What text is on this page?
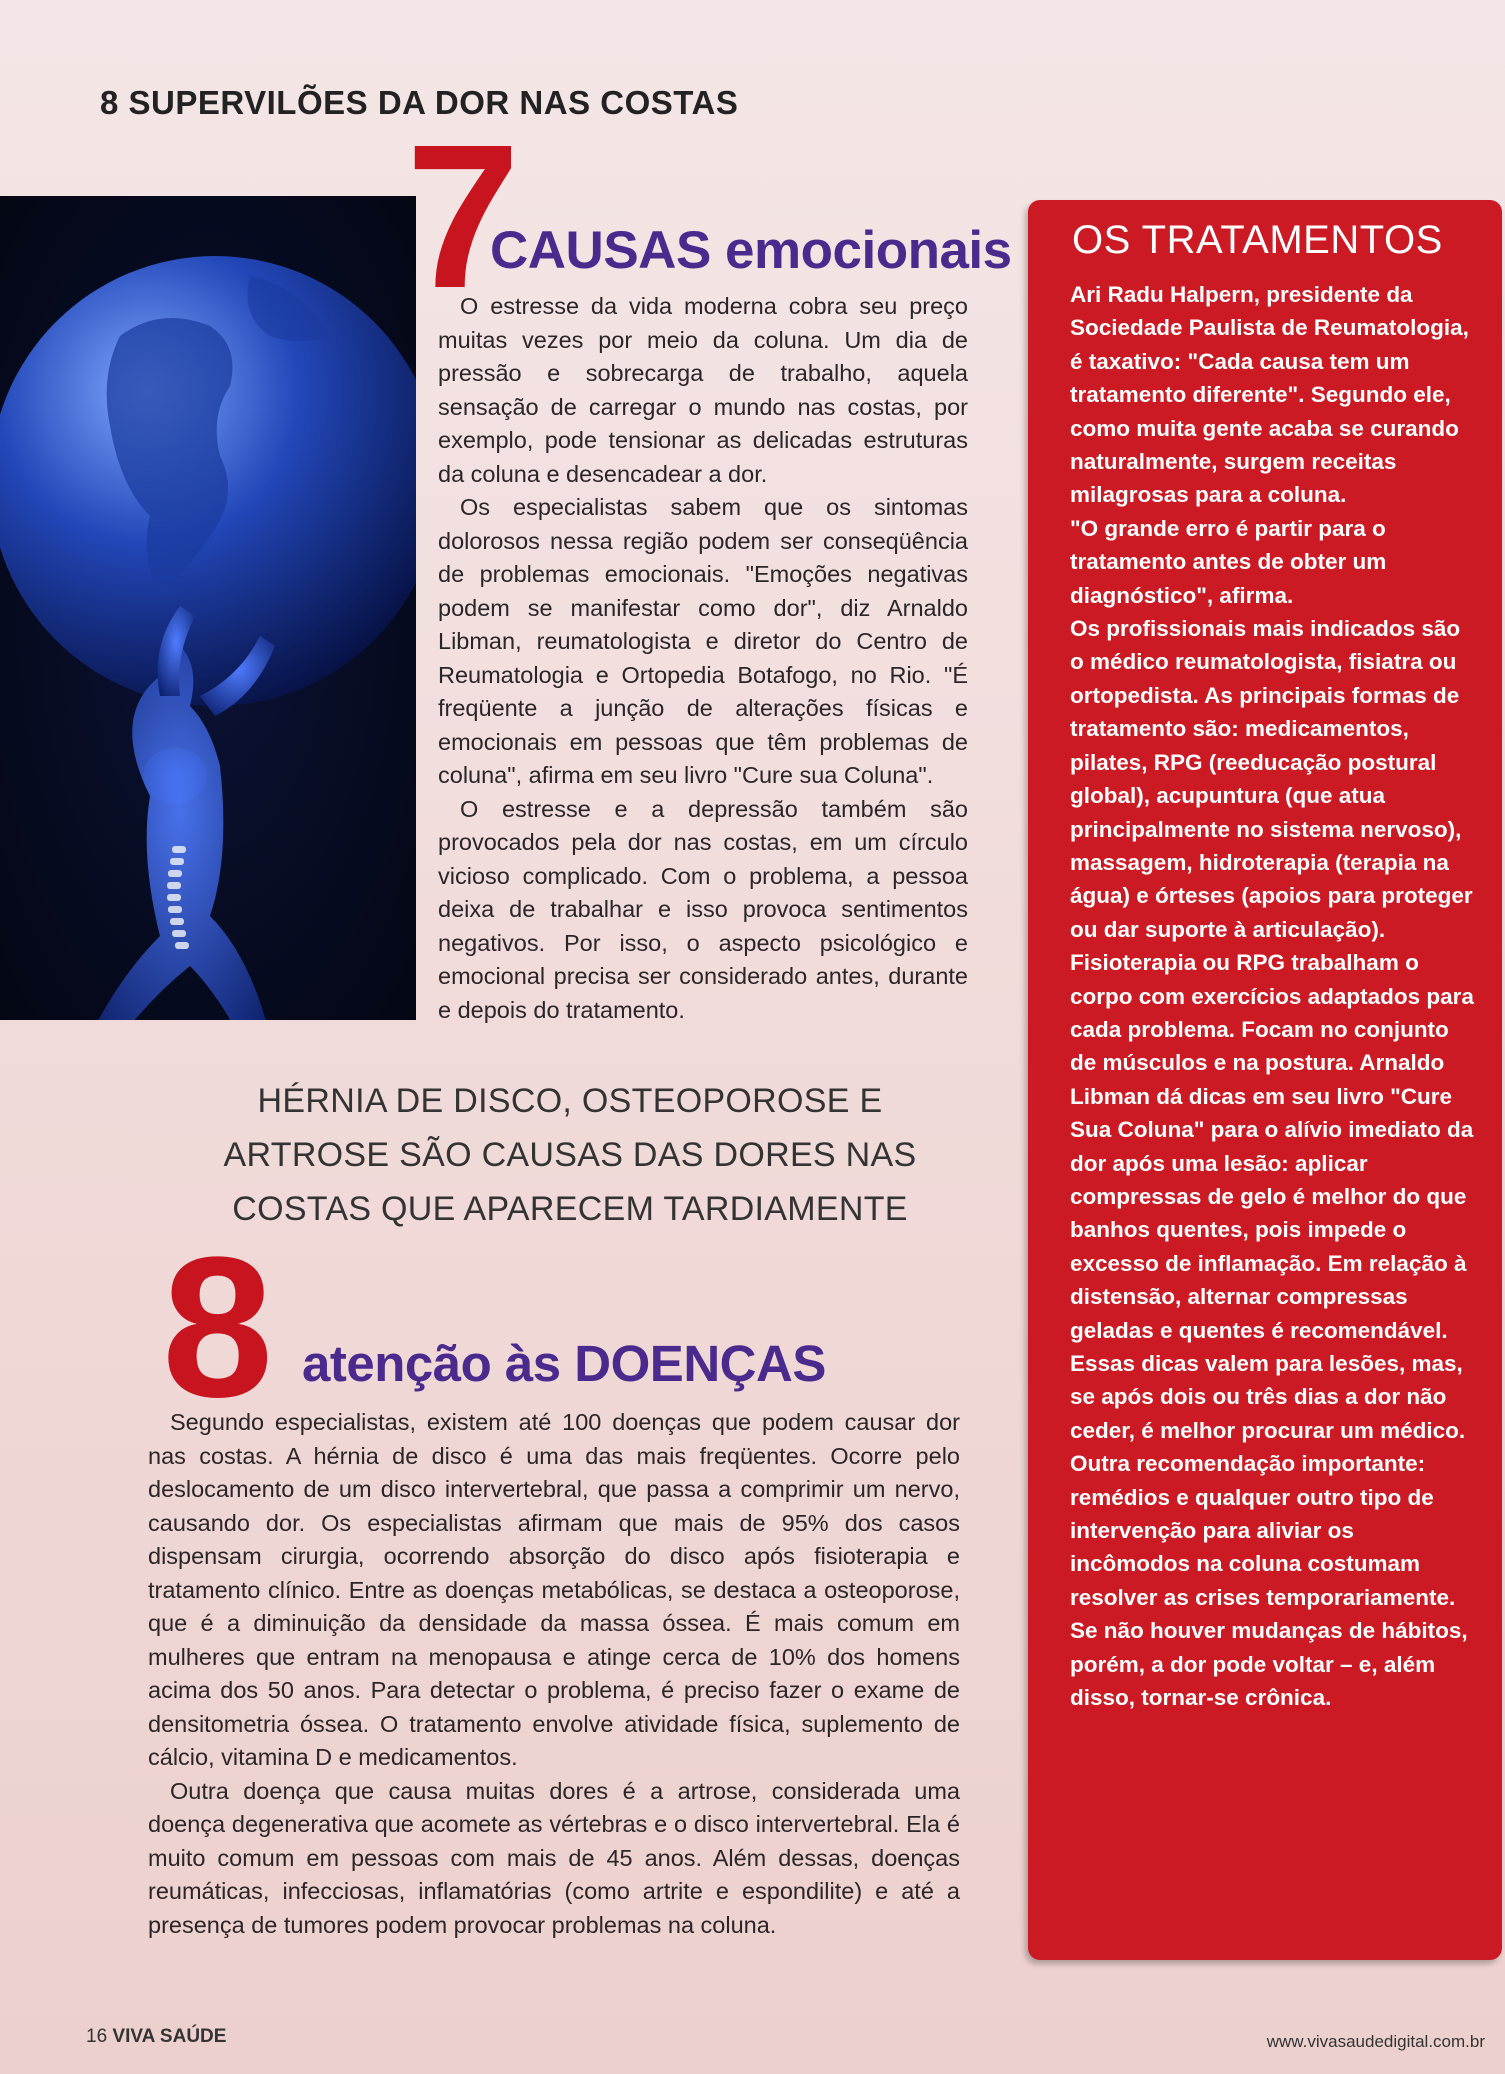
8 SUPERVILÕES DA DOR NAS COSTAS
7
CAUSAS emocionais

O estresse da vida moderna cobra seu preço muitas vezes por meio da coluna. Um dia de pressão e sobrecarga de trabalho, aquela sensação de carregar o mundo nas costas, por exemplo, pode tensionar as delicadas estruturas da coluna e desencadear a dor.

Os especialistas sabem que os sintomas dolorosos nessa região podem ser conseqüência de problemas emocionais. "Emoções negativas podem se manifestar como dor", diz Arnaldo Libman, reumatologista e diretor do Centro de Reumatologia e Ortopedia Botafogo, no Rio. "É freqüente a junção de alterações físicas e emocionais em pessoas que têm problemas de coluna", afirma em seu livro "Cure sua Coluna".

O estresse e a depressão também são provocados pela dor nas costas, em um círculo vicioso complicado. Com o problema, a pessoa deixa de trabalhar e isso provoca sentimentos negativos. Por isso, o aspecto psicológico e emocional precisa ser considerado antes, durante e depois do tratamento.

HÉRNIA DE DISCO, OSTEOPOROSE E
ARTROSE SÃO CAUSAS DAS DORES NAS
COSTAS QUE APARECEM TARDIAMENTE
8 atenção às DOENÇAS

Segundo especialistas, existem até 100 doenças que podem causar dor nas costas. A hérnia de disco é uma das mais freqüentes. Ocorre pelo deslocamento de um disco intervertebral, que passa a comprimir um nervo, causando dor. Os especialistas afirmam que mais de 95% dos casos dispensam cirurgia, ocorrendo absorção do disco após fisioterapia e tratamento clínico. Entre as doenças metabólicas, se destaca a osteoporose, que é a diminuição da densidade da massa óssea. É mais comum em mulheres que entram na menopausa e atinge cerca de 10% dos homens acima dos 50 anos. Para detectar o problema, é preciso fazer o exame de densitometria óssea. O tratamento envolve atividade física, suplemento de cálcio, vitamina D e medicamentos.

Outra doença que causa muitas dores é a artrose, considerada uma doença degenerativa que acomete as vértebras e o disco intervertebral. Ela é muito comum em pessoas com mais de 45 anos. Além dessas, doenças reumáticas, infecciosas, inflamatórias (como artrite e espondilite) e até a presença de tumores podem provocar problemas na coluna.

OS TRATAMENTOS

Ari Radu Halpern, presidente da Sociedade Paulista de Reumatologia, é taxativo: "Cada causa tem um tratamento diferente". Segundo ele, como muita gente acaba se curando naturalmente, surgem receitas milagrosas para a coluna.

"O grande erro é partir para o tratamento antes de obter um diagnóstico", afirma.

Os profissionais mais indicados são o médico reumatologista, fisiatra ou ortopedista. As principais formas de tratamento são: medicamentos, pilates, RPG (reeducação postural global), acupuntura (que atua principalmente no sistema nervoso), massagem, hidroterapia (terapia na água) e órteses (apoios para proteger ou dar suporte à articulação).

Fisioterapia ou RPG trabalham o corpo com exercícios adaptados para cada problema. Focam no conjunto de músculos e na postura. Arnaldo Libman dá dicas em seu livro "Cure Sua Coluna" para o alívio imediato da dor após uma lesão: aplicar compressas de gelo é melhor do que banhos quentes, pois impede o excesso de inflamação. Em relação à distensão, alternar compressas geladas e quentes é recomendável. Essas dicas valem para lesões, mas, se após dois ou três dias a dor não ceder, é melhor procurar um médico. Outra recomendação importante: remédios e qualquer outro tipo de intervenção para aliviar os incômodos na coluna costumam resolver as crises temporariamente. Se não houver mudanças de hábitos, porém, a dor pode voltar – e, além disso, tornar-se crônica.

16 VIVA SAÚDE	www.vivasaudedigital.com.br
